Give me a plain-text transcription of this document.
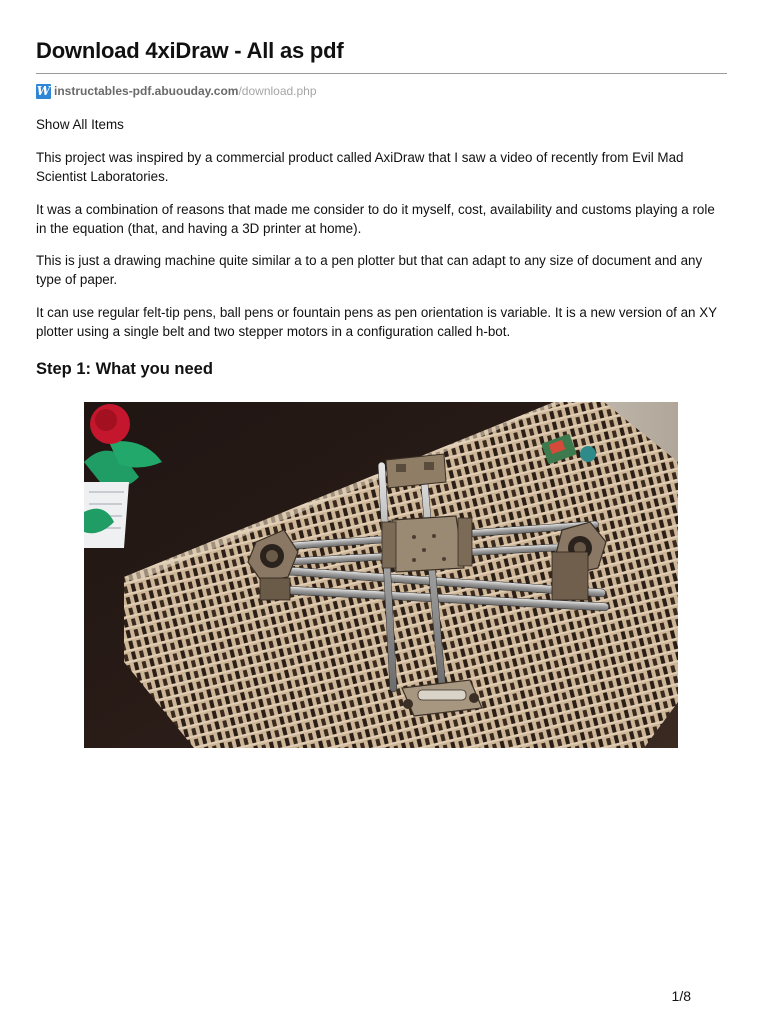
Download 4xiDraw - All as pdf
W instructables-pdf.abuouday.com /download.php

Show All Items

This project was inspired by a commercial product called AxiDraw that I saw a video of recently from Evil Mad Scientist Laboratories.

It was a combination of reasons that made me consider to do it myself, cost, availability and customs playing a role in the equation (that, and having a 3D printer at home).

This is just a drawing machine quite similar a to a pen plotter but that can adapt to any size of document and any type of paper.

It can use regular felt-tip pens, ball pens or fountain pens as pen orientation is variable. It is a new version of an XY plotter using a single belt and two stepper motors in a configuration called h-bot.

Step 1: What you need
1/8
